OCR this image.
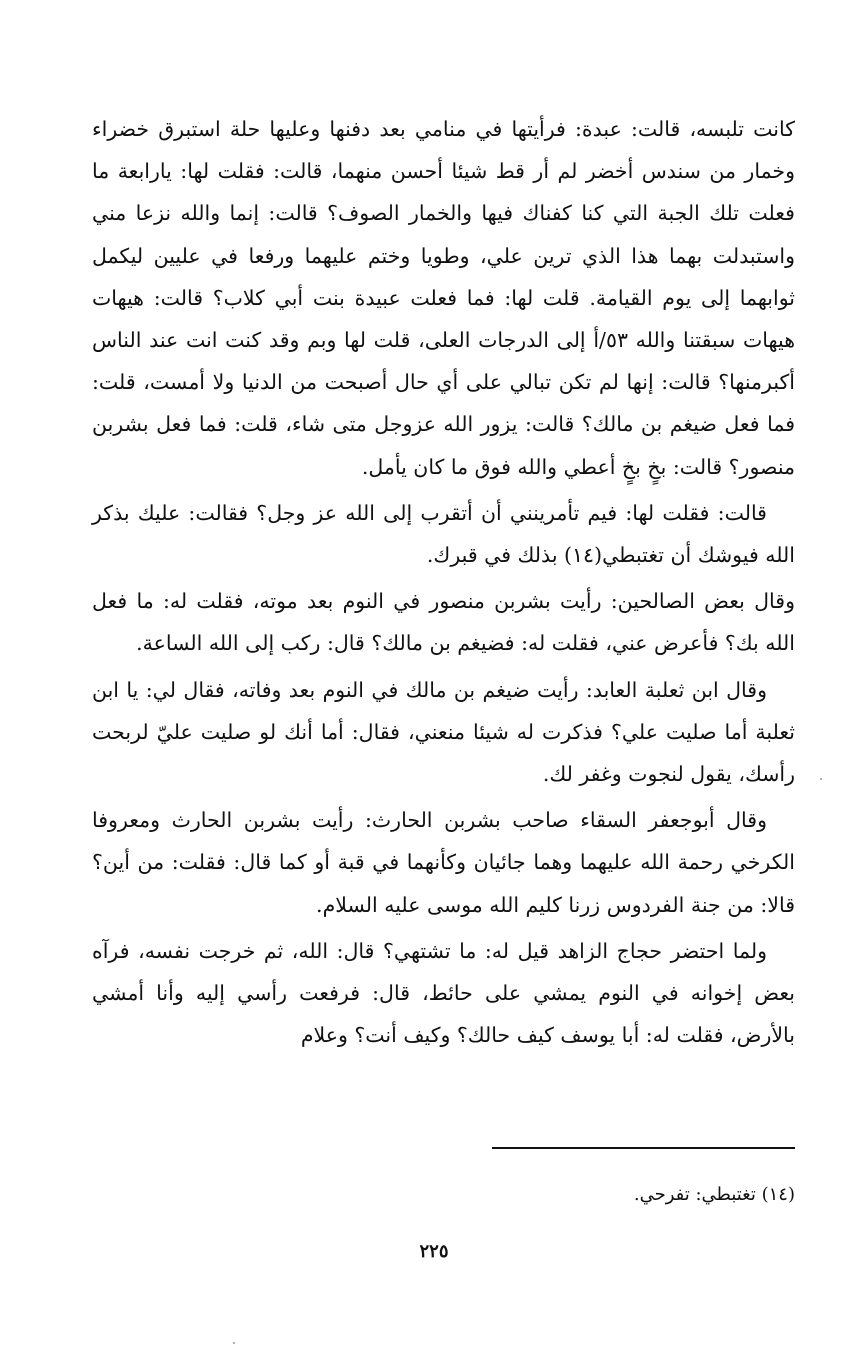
كانت تلبسه، قالت: عبدة: فرأيتها في منامي بعد دفنها وعليها حلة استبرق خضراء وخمار من سندس أخضر لم أر قط شيئا أحسن منهما، قالت: فقلت لها: يارابعة ما فعلت تلك الجبة التي كنا كفناك فيها والخمار الصوف؟ قالت: إنما والله نزعا مني واستبدلت بهما هذا الذي ترين علي، وطويا وختم عليهما ورفعا في عليين ليكمل ثوابهما إلى يوم القيامة. قلت لها: فما فعلت عبيدة بنت أبي كلاب؟ قالت: هيهات هيهات سبقتنا والله ٥٣/أ إلى الدرجات العلى، قلت لها وبم وقد كنت انت عند الناس أكبرمنها؟ قالت: إنها لم تكن تبالي على أي حال أصبحت من الدنيا ولا أمست، قلت: فما فعل ضيغم بن مالك؟ قالت: يزور الله عزوجل متى شاء، قلت: فما فعل بشربن منصور؟ قالت: بخٍ بخٍ أعطي والله فوق ما كان يأمل.

قالت: فقلت لها: فيم تأمرينني أن أتقرب إلى الله عز وجل؟ فقالت: عليك بذكر الله فيوشك أن تغتبطي(١٤) بذلك في قبرك.

وقال بعض الصالحين: رأيت بشربن منصور في النوم بعد موته، فقلت له: ما فعل الله بك؟ فأعرض عني، فقلت له: فضيغم بن مالك؟ قال: ركب إلى الله الساعة.

وقال ابن ثعلبة العابد: رأيت ضيغم بن مالك في النوم بعد وفاته، فقال لي: يا ابن ثعلبة أما صليت علي؟ فذكرت له شيئا منعني، فقال: أما أنك لو صليت عليّ لربحت رأسك، يقول لنجوت وغفر لك.

وقال أبوجعفر السقاء صاحب بشربن الحارث: رأيت بشربن الحارث ومعروفا الكرخي رحمة الله عليهما وهما جائيان وكأنهما في قبة أو كما قال: فقلت: من أين؟ قالا: من جنة الفردوس زرنا كليم الله موسى عليه السلام.

ولما احتضر حجاج الزاهد قيل له: ما تشتهي؟ قال: الله، ثم خرجت نفسه، فرآه بعض إخوانه في النوم يمشي على حائط، قال: فرفعت رأسي إليه وأنا أمشي بالأرض، فقلت له: أبا يوسف كيف حالك؟ وكيف أنت؟ وعلام

(١٤) تغتبطي: تفرحي.

٢٢٥
